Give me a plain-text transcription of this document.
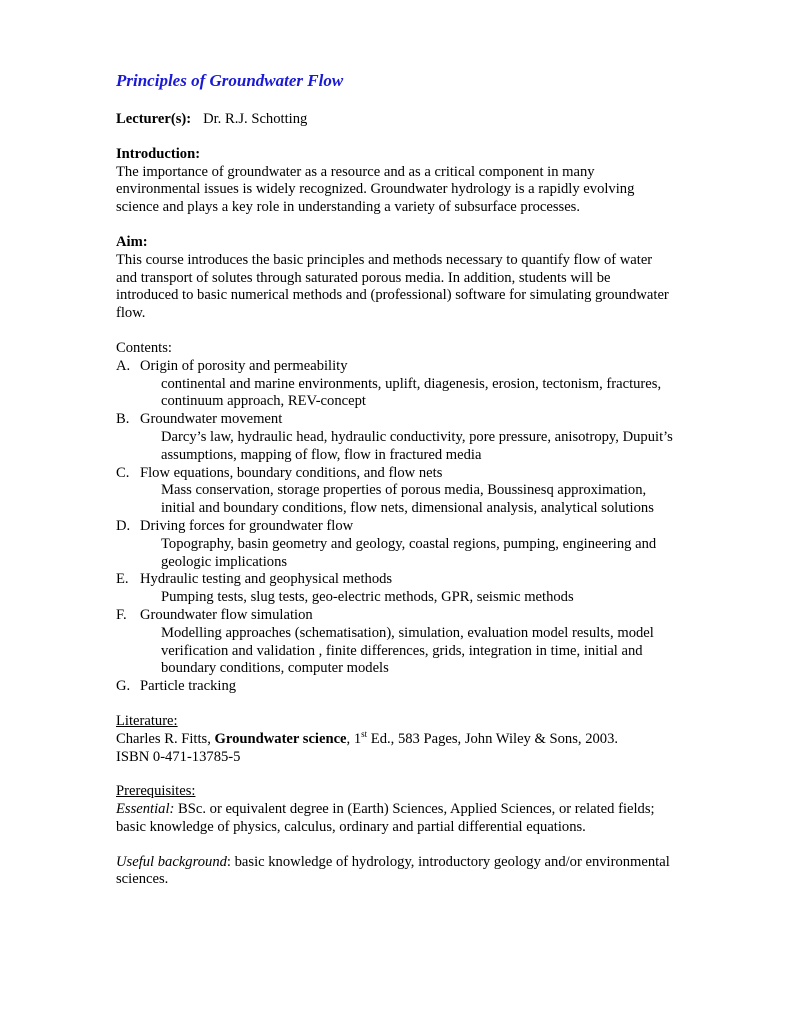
Principles of Groundwater Flow
Lecturer(s): Dr. R.J. Schotting
Introduction:

The importance of groundwater as a resource and as a critical component in many environmental issues is widely recognized. Groundwater hydrology is a rapidly evolving science and plays a key role in understanding a variety of subsurface processes.

Aim:

This course introduces the basic principles and methods necessary to quantify flow of water and transport of solutes through saturated porous media. In addition, students will be introduced to basic numerical methods and (professional) software for simulating groundwater flow.

Contents:
A. Origin of porosity and permeability
continental and marine environments, uplift, diagenesis, erosion, tectonism, fractures, continuum approach, REV-concept
B. Groundwater movement
Darcy’s law, hydraulic head, hydraulic conductivity, pore pressure, anisotropy, Dupuit’s assumptions, mapping of flow, flow in fractured media
C. Flow equations, boundary conditions, and flow nets
Mass conservation, storage properties of porous media, Boussinesq approximation, initial and boundary conditions, flow nets, dimensional analysis, analytical solutions
D. Driving forces for groundwater flow
Topography, basin geometry and geology, coastal regions, pumping, engineering and geologic implications
E. Hydraulic testing and geophysical methods
Pumping tests, slug tests, geo-electric methods, GPR, seismic methods
F. Groundwater flow simulation
Modelling approaches (schematisation), simulation, evaluation model results, model verification and validation , finite differences, grids, integration in time, initial and boundary conditions, computer models
G. Particle tracking
Literature:
Charles R. Fitts, Groundwater science, 1st Ed., 583 Pages, John Wiley & Sons, 2003.
ISBN 0-471-13785-5
Prerequisites:

Essential: BSc. or equivalent degree in (Earth) Sciences, Applied Sciences, or related fields; basic knowledge of physics, calculus, ordinary and partial differential equations.

Useful background: basic knowledge of hydrology, introductory geology and/or environmental sciences.
